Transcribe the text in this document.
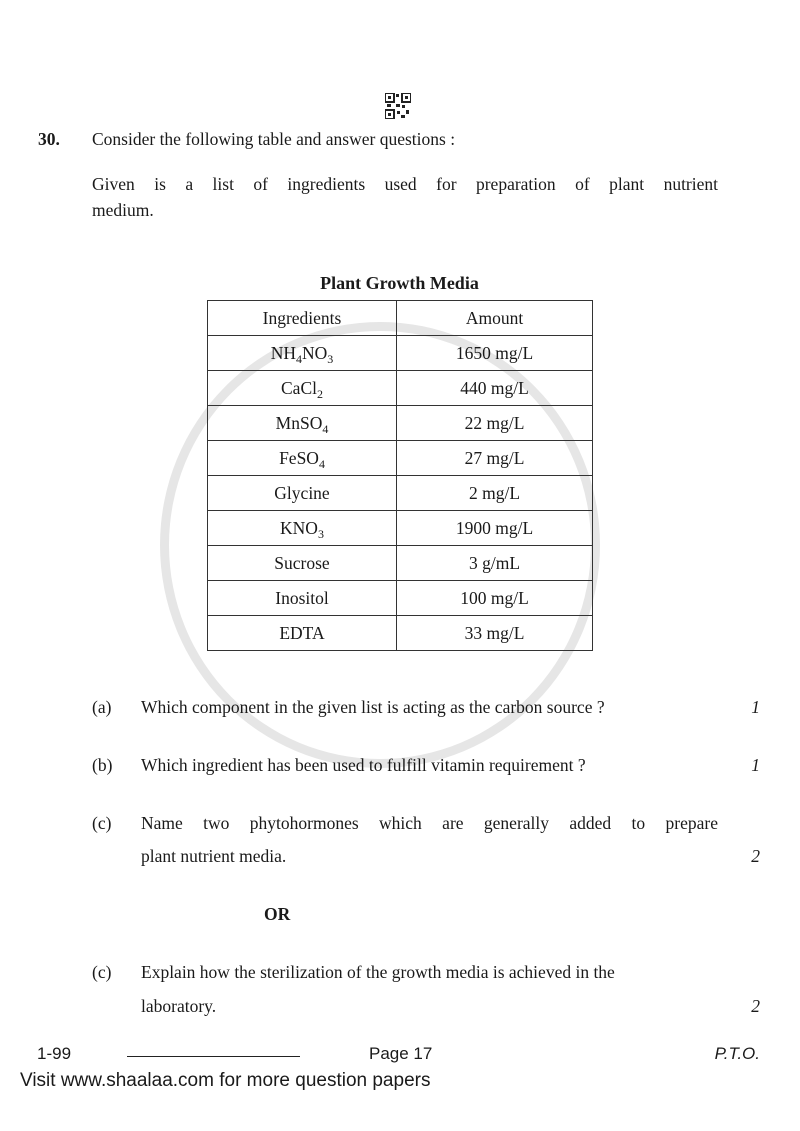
30. Consider the following table and answer questions :
Given is a list of ingredients used for preparation of plant nutrient
medium.
Plant Growth Media
Ingredients	Amount
$NH_4NO_3$	1650 mg/L
CaCl$_2$	440 mg/L
MnSO$_4$	22 mg/L
FeSO$_4$	27 mg/L
Glycine	2 mg/L
$KNO_3$	1900 mg/L
Sucrose	3 g/mL
Inositol	100 mg/L
EDTA	33 mg/L
(a) Which component in the given list is acting as the carbon source ?	1
(b) Which ingredient has been used to fulfill vitamin requirement ?	1
(c) Name two phytohormones which are generally added to prepare
plant nutrient media.	2
OR
(c) Explain how the sterilization of the growth media is achieved in the
laboratory.	2
1-99	Page 17	P.T.O.
Visit www.shaalaa.com for more question papers
